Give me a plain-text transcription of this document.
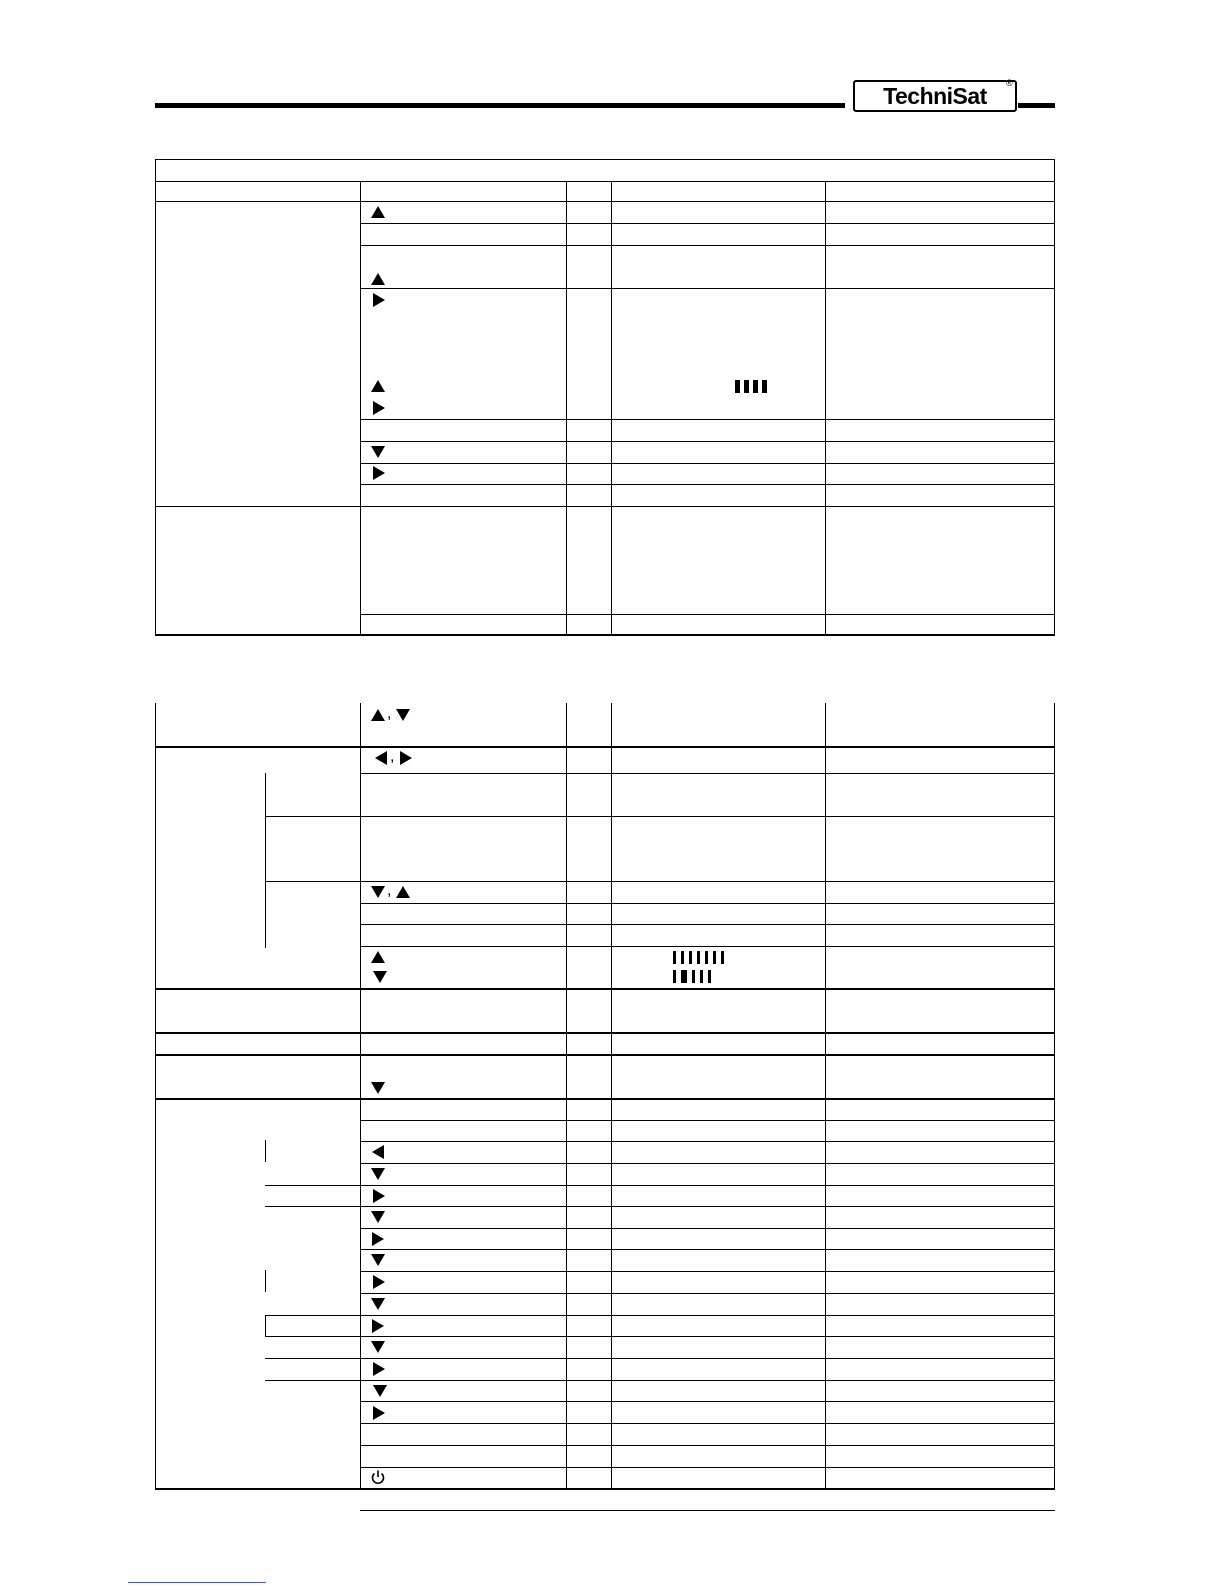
TechniSat	®
,
,
,
